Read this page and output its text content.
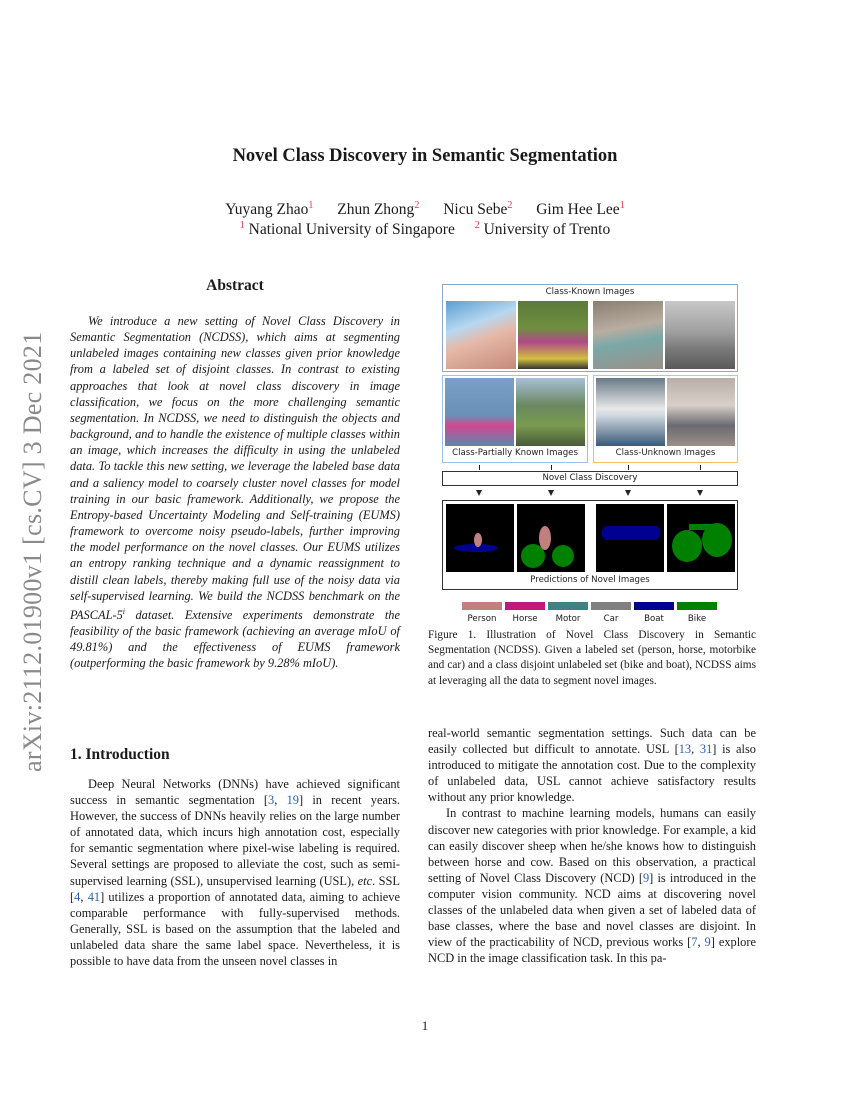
arXiv:2112.01900v1 [cs.CV] 3 Dec 2021
Novel Class Discovery in Semantic Segmentation
Yuyang Zhao$^1$ Zhun Zhong$^2$ Nicu Sebe$^2$ Gim Hee Lee$^1$
$^1$ National University of Singapore $^2$ University of Trento
Abstract

We introduce a new setting of Novel Class Discovery in Semantic Segmentation (NCDSS), which aims at segmenting unlabeled images containing new classes given prior knowledge from a labeled set of disjoint classes. In contrast to existing approaches that look at novel class discovery in image classification, we focus on the more challenging semantic segmentation. In NCDSS, we need to distinguish the objects and background, and to handle the existence of multiple classes within an image, which increases the difficulty in using the unlabeled data. To tackle this new setting, we leverage the labeled base data and a saliency model to coarsely cluster novel classes for model training in our basic framework. Additionally, we propose the Entropy-based Uncertainty Modeling and Self-training (EUMS) framework to overcome noisy pseudo-labels, further improving the model performance on the novel classes. Our EUMS utilizes an entropy ranking technique and a dynamic reassignment to distill clean labels, thereby making full use of the noisy data via self-supervised learning. We build the NCDSS benchmark on the PASCAL-5$^i$ dataset. Extensive experiments demonstrate the feasibility of the basic framework (achieving an average mIoU of 49.81%) and the effectiveness of EUMS framework (outperforming the basic framework by 9.28% mIoU).

Class-Known Images
Class-Partially Known Images	Class-Unknown Images
Novel Class Discovery
Predictions of Novel Images
Person	Horse	Motor	Car	Boat	Bike

Figure 1. Illustration of Novel Class Discovery in Semantic Segmentation (NCDSS). Given a labeled set (person, horse, motorbike and car) and a class disjoint unlabeled set (bike and boat), NCDSS aims at leveraging all the data to segment novel images.

1. Introduction

Deep Neural Networks (DNNs) have achieved significant success in semantic segmentation [3, 19] in recent years. However, the success of DNNs heavily relies on the large number of annotated data, which incurs high annotation cost, especially for semantic segmentation where pixel-wise labeling is required. Several settings are proposed to alleviate the cost, such as semi-supervised learning (SSL), unsupervised learning (USL), etc. SSL [4, 41] utilizes a proportion of annotated data, aiming to achieve comparable performance with fully-supervised methods. Generally, SSL is based on the assumption that the labeled and unlabeled data share the same label space. Nevertheless, it is possible to have data from the unseen novel classes in

real-world semantic segmentation settings. Such data can be easily collected but difficult to annotate. USL [13, 31] is also introduced to mitigate the annotation cost. Due to the complexity of unlabeled data, USL cannot achieve satisfactory results without any prior knowledge.

In contrast to machine learning models, humans can easily discover new categories with prior knowledge. For example, a kid can easily discover sheep when he/she knows how to distinguish between horse and cow. Based on this observation, a practical setting of Novel Class Discovery (NCD) [9] is introduced in the computer vision community. NCD aims at discovering novel classes of the unlabeled data when given a set of labeled data of base classes, where the base and novel classes are disjoint. In view of the practicability of NCD, previous works [7, 9] explore NCD in the image classification task. In this pa-

1
